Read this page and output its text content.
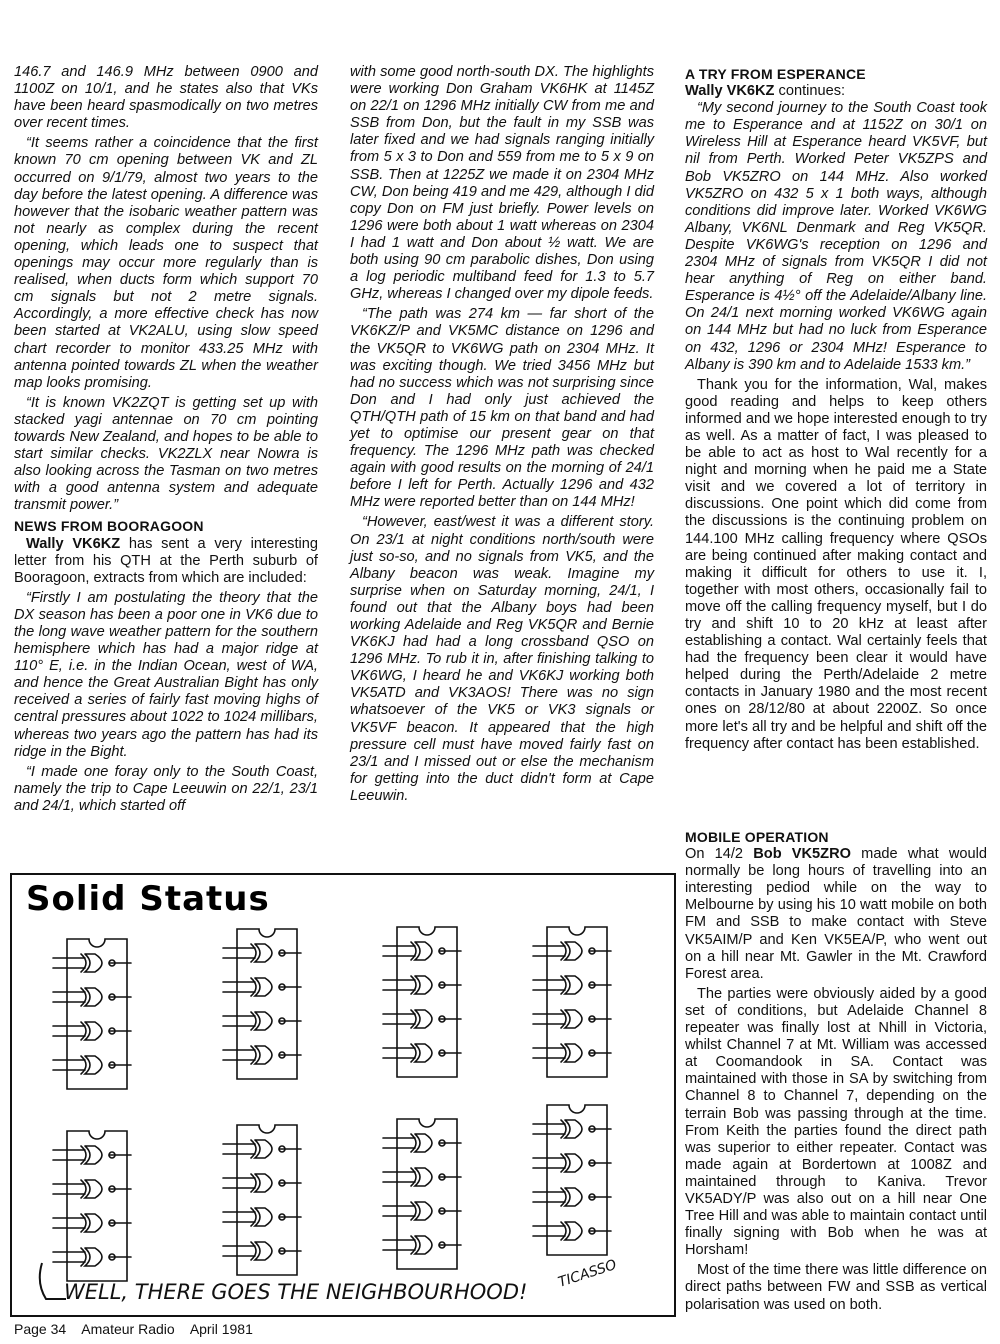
146.7 and 146.9 MHz between 0900 and 1100Z on 10/1, and he states also that VKs have been heard spasmodically on two metres over recent times.

“It seems rather a coincidence that the first known 70 cm opening between VK and ZL occurred on 9/1/79, almost two years to the day before the latest opening. A difference was however that the isobaric weather pattern was not nearly as complex during the recent opening, which leads one to suspect that openings may occur more regularly than is realised, when ducts form which support 70 cm signals but not 2 metre signals. Accordingly, a more effective check has now been started at VK2ALU, using slow speed chart recorder to monitor 433.25 MHz with antenna pointed towards ZL when the weather map looks promising.

“It is known VK2ZQT is getting set up with stacked yagi antennae on 70 cm pointing towards New Zealand, and hopes to be able to start similar checks. VK2ZLX near Nowra is also looking across the Tasman on two metres with a good antenna system and adequate transmit power.”

NEWS FROM BOORAGOON

Wally VK6KZ has sent a very interesting letter from his QTH at the Perth suburb of Booragoon, extracts from which are included:

“Firstly I am postulating the theory that the DX season has been a poor one in VK6 due to the long wave weather pattern for the southern hemisphere which has had a major ridge at 110° E, i.e. in the Indian Ocean, west of WA, and hence the Great Australian Bight has only received a series of fairly fast moving highs of central pressures about 1022 to 1024 millibars, whereas two years ago the pattern has had its ridge in the Bight.

“I made one foray only to the South Coast, namely the trip to Cape Leeuwin on 22/1, 23/1 and 24/1, which started off

with some good north-south DX. The highlights were working Don Graham VK6HK at 1145Z on 22/1 on 1296 MHz initially CW from me and SSB from Don, but the fault in my SSB was later fixed and we had signals ranging initially from 5 x 3 to Don and 559 from me to 5 x 9 on SSB. Then at 1225Z we made it on 2304 MHz CW, Don being 419 and me 429, although I did copy Don on FM just briefly. Power levels on 1296 were both about 1 watt whereas on 2304 I had 1 watt and Don about ½ watt. We are both using 90 cm parabolic dishes, Don using a log periodic multiband feed for 1.3 to 5.7 GHz, whereas I changed over my dipole feeds.

“The path was 274 km — far short of the VK6KZ/P and VK5MC distance on 1296 and the VK5QR to VK6WG path on 2304 MHz. It was exciting though. We tried 3456 MHz but had no success which was not surprising since Don and I had only just achieved the QTH/QTH path of 15 km on that band and had yet to optimise our present gear on that frequency. The 1296 MHz path was checked again with good results on the morning of 24/1 before I left for Perth. Actually 1296 and 432 MHz were reported better than on 144 MHz!

“However, east/west it was a different story. On 23/1 at night conditions north/south were just so-so, and no signals from VK5, and the Albany beacon was weak. Imagine my surprise when on Saturday morning, 24/1, I found out that the Albany boys had been working Adelaide and Reg VK5QR and Bernie VK6KJ had had a long crossband QSO on 1296 MHz. To rub it in, after finishing talking to VK6WG, I heard he and VK6KJ working both VK5ATD and VK3AOS! There was no sign whatsoever of the VK5 or VK3 signals or VK5VF beacon. It appeared that the high pressure cell must have moved fairly fast on 23/1 and I missed out or else the mechanism for getting into the duct didn't form at Cape Leeuwin.

A TRY FROM ESPERANCE

Wally VK6KZ continues:

“My second journey to the South Coast took me to Esperance and at 1152Z on 30/1 on Wireless Hill at Esperance heard VK5VF, but nil from Perth. Worked Peter VK5ZPS and Bob VK5ZRO on 144 MHz. Also worked VK5ZRO on 432 5 x 1 both ways, although conditions did improve later. Worked VK6WG Albany, VK6NL Denmark and Reg VK5QR. Despite VK6WG's reception on 1296 and 2304 MHz of signals from VK5QR I did not hear anything of Reg on either band. Esperance is 4½° off the Adelaide/Albany line. On 24/1 next morning worked VK6WG again on 144 MHz but had no luck from Esperance on 432, 1296 or 2304 MHz! Esperance to Albany is 390 km and to Adelaide 1533 km.”

Thank you for the information, Wal, makes good reading and helps to keep others informed and we hope interested enough to try as well. As a matter of fact, I was pleased to be able to act as host to Wal recently for a night and morning when he paid me a State visit and we covered a lot of territory in discussions. One point which did come from the discussions is the continuing problem on 144.100 MHz calling frequency where QSOs are being continued after making contact and making it difficult for others to use it. I, together with most others, occasionally fail to move off the calling frequency myself, but I do try and shift 10 to 20 kHz at least after establishing a contact. Wal certainly feels that had the frequency been clear it would have helped during the Perth/Adelaide 2 metre contacts in January 1980 and the most recent ones on 28/12/80 at about 2200Z. So once more let's all try and be helpful and shift off the frequency after contact has been established.

MOBILE OPERATION

On 14/2 Bob VK5ZRO made what would normally be long hours of travelling into an interesting pediod while on the way to Melbourne by using his 10 watt mobile on both FM and SSB to make contact with Steve VK5AIM/P and Ken VK5EA/P, who went out on a hill near Mt. Gawler in the Mt. Crawford Forest area.

The parties were obviously aided by a good set of conditions, but Adelaide Channel 8 repeater was finally lost at Nhill in Victoria, whilst Channel 7 at Mt. William was accessed at Coomandook in SA. Contact was maintained with those in SA by switching from Channel 8 to Channel 7, depending on the terrain Bob was passing through at the time. From Keith the parties found the direct path was superior to either repeater. Contact was made again at Bordertown at 1008Z and maintained through to Kaniva. Trevor VK5ADY/P was also out on a hill near One Tree Hill and was able to maintain contact until finally signing with Bob when he was at Horsham!

Most of the time there was little difference on direct paths between FW and SSB as vertical polarisation was used on both.

Solid Status
WELL, THERE GOES THE NEIGHBOURHOOD!
TICASSO
Page 34 Amateur Radio April 1981
